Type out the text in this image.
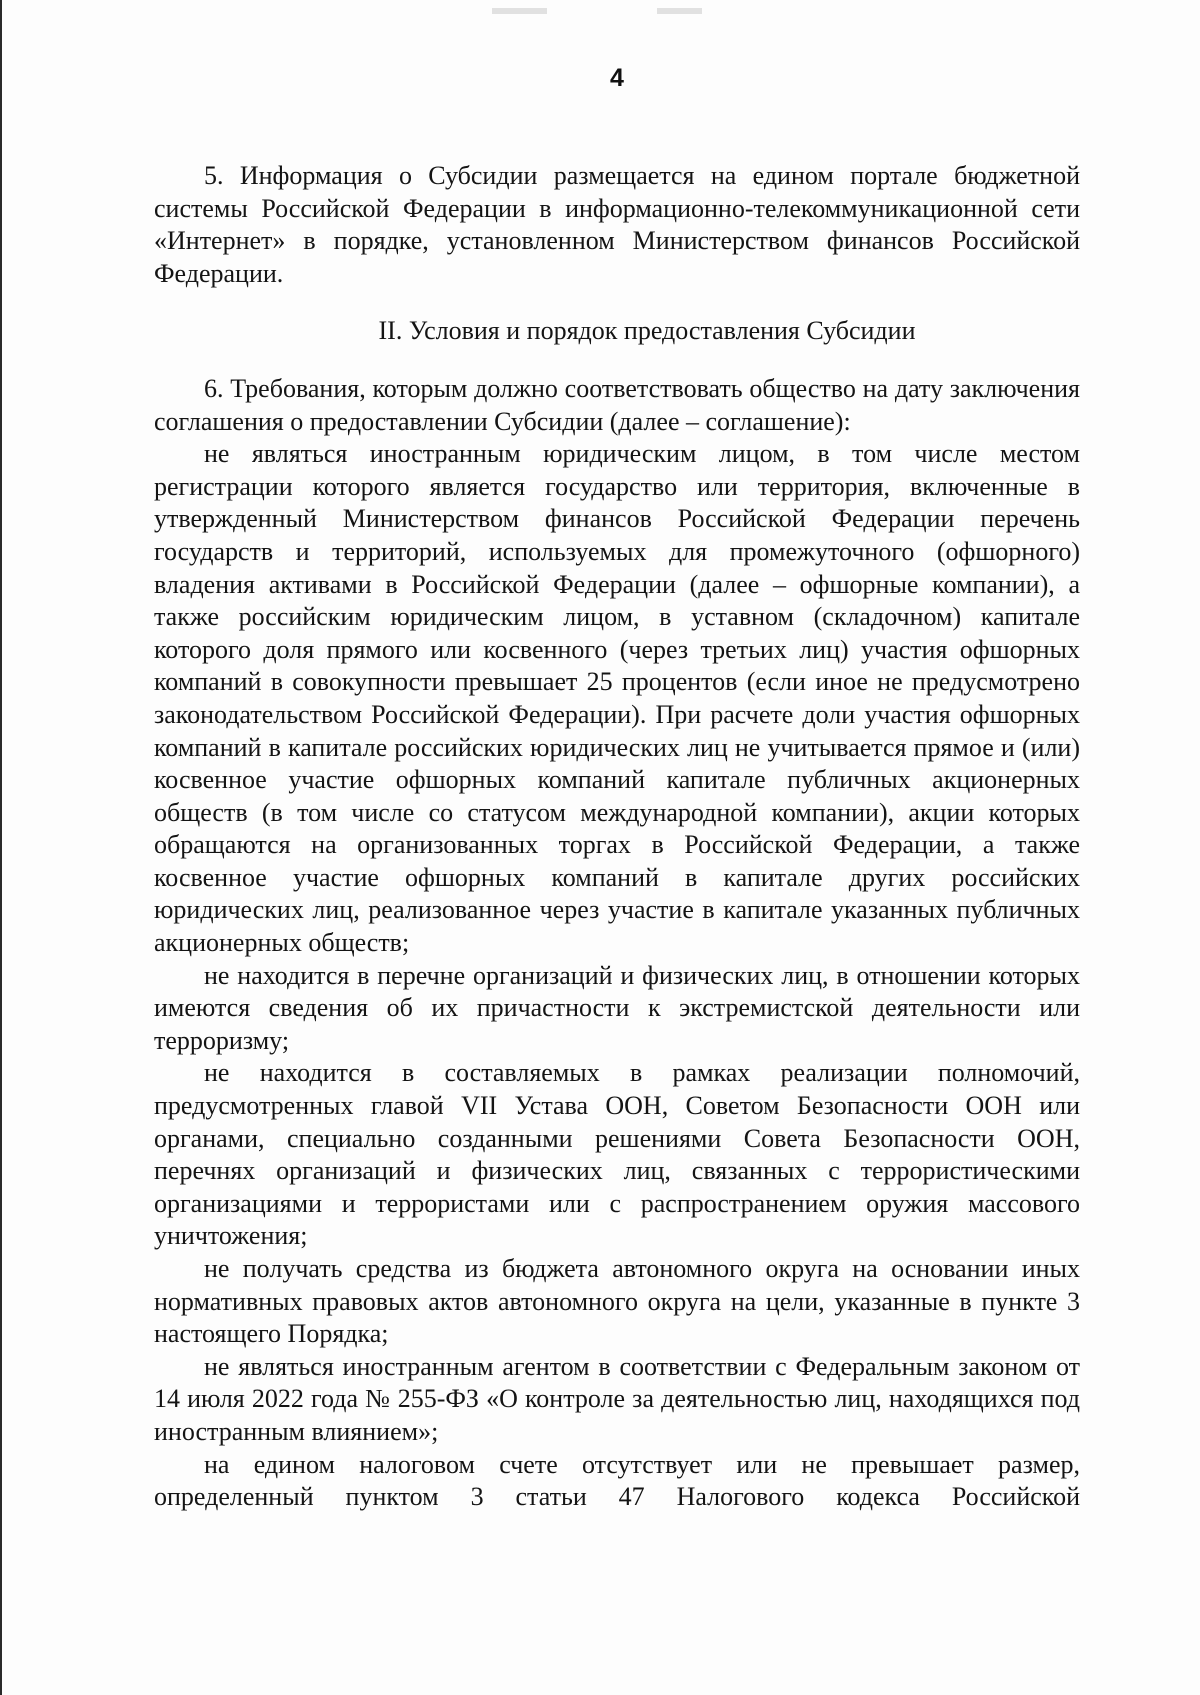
4

5. Информация о Субсидии размещается на едином портале бюджетной системы Российской Федерации в информационно-телекоммуникационной сети «Интернет» в порядке, установленном Министерством финансов Российской Федерации.

II. Условия и порядок предоставления Субсидии

6. Требования, которым должно соответствовать общество на дату заключения соглашения о предоставлении Субсидии (далее – соглашение):

не являться иностранным юридическим лицом, в том числе местом регистрации которого является государство или территория, включенные в утвержденный Министерством финансов Российской Федерации перечень государств и территорий, используемых для промежуточного (офшорного) владения активами в Российской Федерации (далее – офшорные компании), а также российским юридическим лицом, в уставном (складочном) капитале которого доля прямого или косвенного (через третьих лиц) участия офшорных компаний в совокупности превышает 25 процентов (если иное не предусмотрено законодательством Российской Федерации). При расчете доли участия офшорных компаний в капитале российских юридических лиц не учитывается прямое и (или) косвенное участие офшорных компаний капитале публичных акционерных обществ (в том числе со статусом международной компании), акции которых обращаются на организованных торгах в Российской Федерации, а также косвенное участие офшорных компаний в капитале других российских юридических лиц, реализованное через участие в капитале указанных публичных акционерных обществ;

не находится в перечне организаций и физических лиц, в отношении которых имеются сведения об их причастности к экстремистской деятельности или терроризму;

не находится в составляемых в рамках реализации полномочий, предусмотренных главой VII Устава ООН, Советом Безопасности ООН или органами, специально созданными решениями Совета Безопасности ООН, перечнях организаций и физических лиц, связанных с террористическими организациями и террористами или с распространением оружия массового уничтожения;

не получать средства из бюджета автономного округа на основании иных нормативных правовых актов автономного округа на цели, указанные в пункте 3 настоящего Порядка;

не являться иностранным агентом в соответствии с Федеральным законом от 14 июля 2022 года № 255-ФЗ «О контроле за деятельностью лиц, находящихся под иностранным влиянием»;

на едином налоговом счете отсутствует или не превышает размер, определенный пунктом 3 статьи 47 Налогового кодекса Российской
